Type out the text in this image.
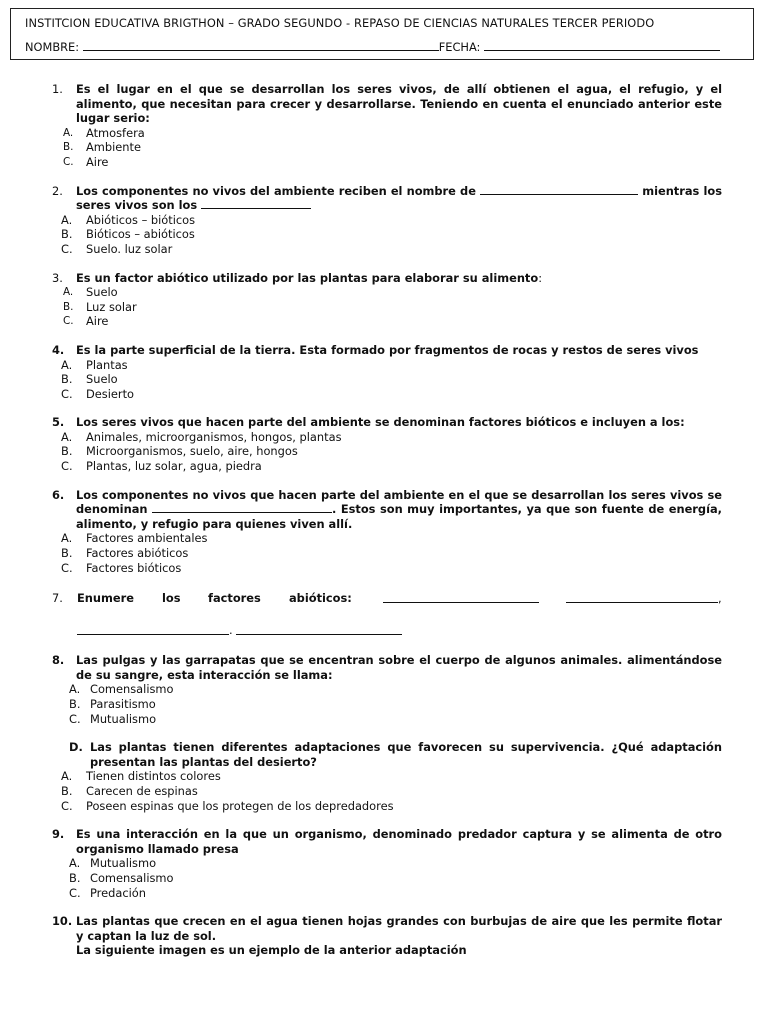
INSTITCION EDUCATIVA BRIGTHON – GRADO SEGUNDO - REPASO DE CIENCIAS NATURALES TERCER PERIODO
NOMBRE:	FECHA:
1. Es el lugar en el que se desarrollan los seres vivos, de allí obtienen el agua, el refugio, y el alimento, que necesitan para crecer y desarrollarse. Teniendo en cuenta el enunciado anterior este lugar serio:
A. Atmosfera
B. Ambiente
C. Aire
2. Los componentes no vivos del ambiente reciben el nombre de	mientras los seres vivos son los
A. Abióticos – bióticos
B. Bióticos – abióticos
C. Suelo. luz solar
3. Es un factor abiótico utilizado por las plantas para elaborar su alimento:
A. Suelo
B. Luz solar
C. Aire
4. Es la parte superficial de la tierra. Esta formado por fragmentos de rocas y restos de seres vivos
A. Plantas
B. Suelo
C. Desierto
5. Los seres vivos que hacen parte del ambiente se denominan factores bióticos e incluyen a los:
A. Animales, microorganismos, hongos, plantas
B. Microorganismos, suelo, aire, hongos
C. Plantas, luz solar, agua, piedra
6. Los componentes no vivos que hacen parte del ambiente en el que se desarrollan los seres vivos se denominan	. Estos son muy importantes, ya que son fuente de energía, alimento, y refugio para quienes viven allí.
A. Factores ambientales
B. Factores abióticos
C. Factores bióticos
7. Enumere los factores abióticos:	,
.
8. Las pulgas y las garrapatas que se encentran sobre el cuerpo de algunos animales. alimentándose de su sangre, esta interacción se llama:
A. Comensalismo
B. Parasitismo
C. Mutualismo
D. Las plantas tienen diferentes adaptaciones que favorecen su supervivencia. ¿Qué adaptación presentan las plantas del desierto?
A. Tienen distintos colores
B. Carecen de espinas
C. Poseen espinas que los protegen de los depredadores
9. Es una interacción en la que un organismo, denominado predador captura y se alimenta de otro organismo llamado presa
A. Mutualismo
B. Comensalismo
C. Predación
10. Las plantas que crecen en el agua tienen hojas grandes con burbujas de aire que les permite flotar y captan la luz de sol.
La siguiente imagen es un ejemplo de la anterior adaptación
